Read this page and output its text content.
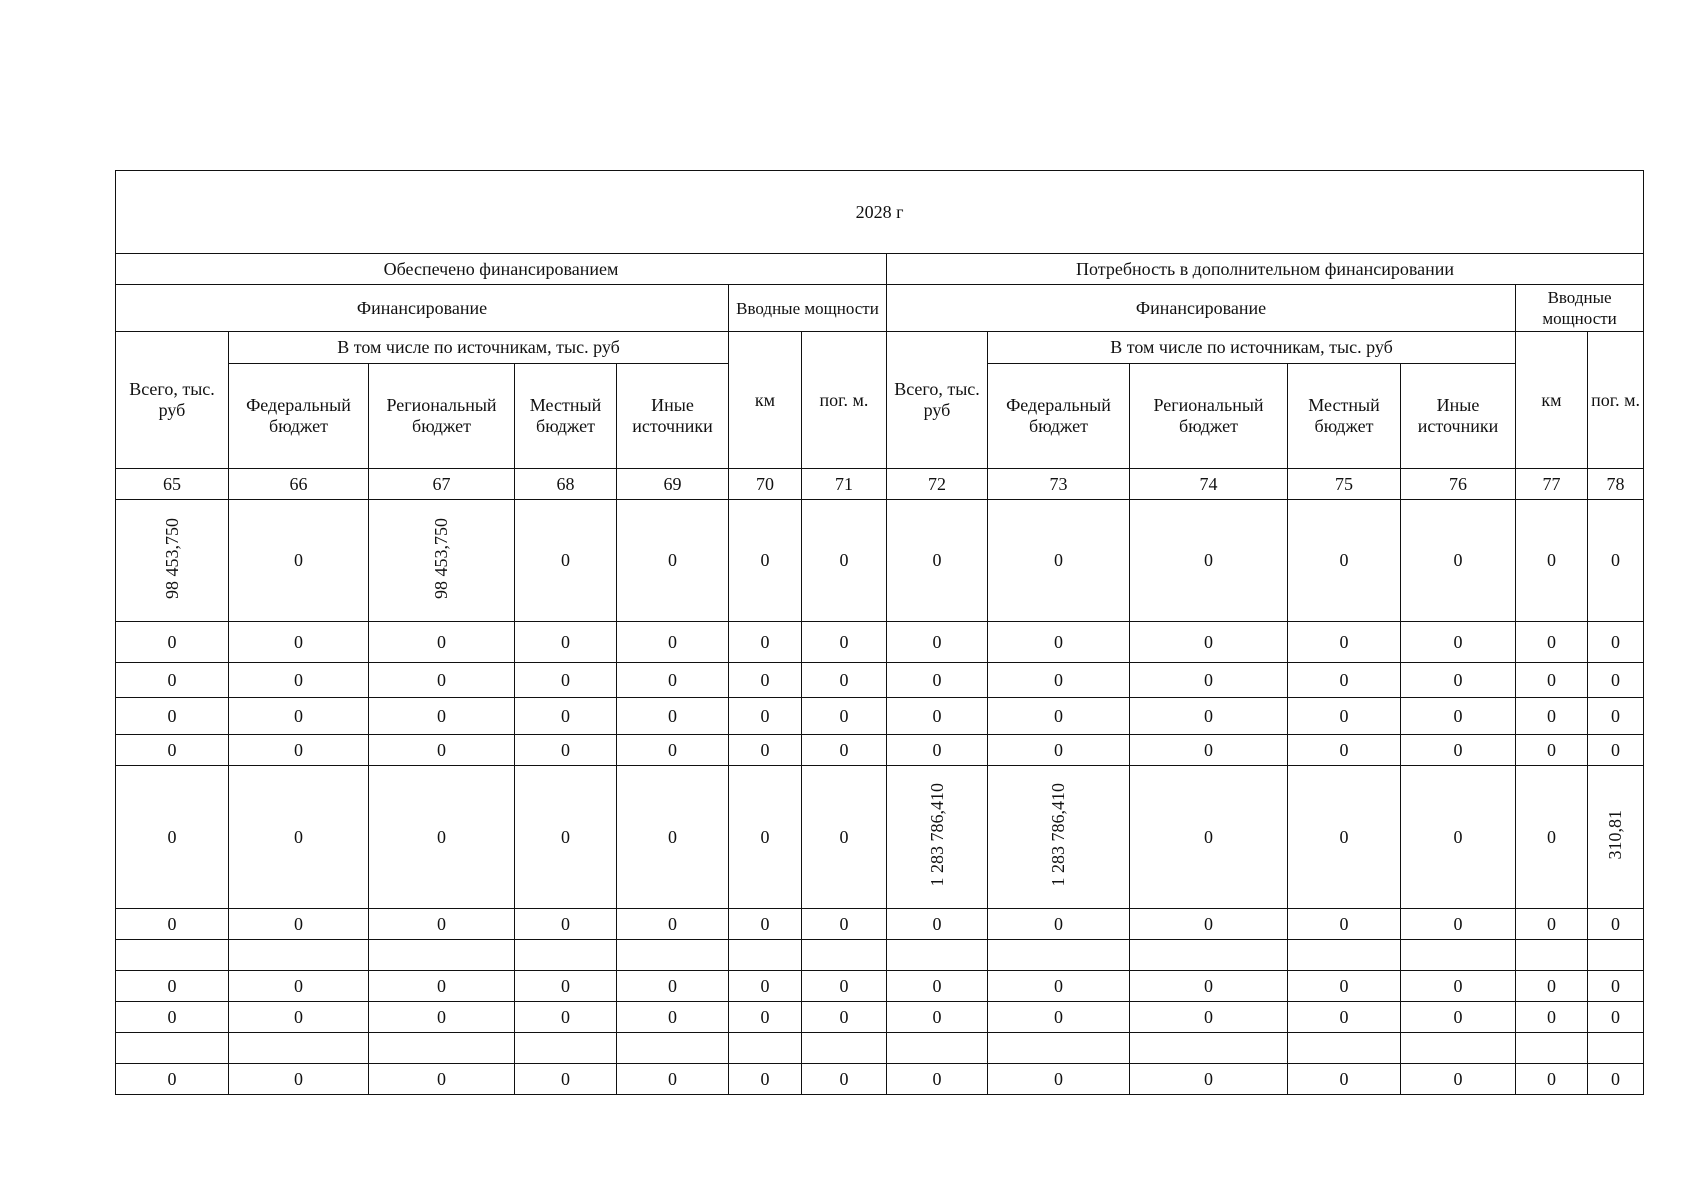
2028 г													
Обеспечено финансированием							Потребность в дополнительном финансировании						
Финансирование					Вводные мощности		Финансирование					Вводные мощности	
Всего, тыс. руб	В том числе по источникам, тыс. руб				км	пог. м.	Всего, тыс. руб	В том числе по источникам, тыс. руб				км	пог. м.
	Федеральный бюджет	Региональный бюджет	Местный бюджет	Иные источники				Федеральный бюджет	Региональный бюджет	Местный бюджет	Иные источники		
65	66	67	68	69	70	71	72	73	74	75	76	77	78
98 453,750	0	98 453,750	0	0	0	0	0	0	0	0	0	0	0
0	0	0	0	0	0	0	0	0	0	0	0	0	0
0	0	0	0	0	0	0	0	0	0	0	0	0	0
0	0	0	0	0	0	0	0	0	0	0	0	0	0
0	0	0	0	0	0	0	0	0	0	0	0	0	0
0	0	0	0	0	0	0	1 283 786,410	1 283 786,410	0	0	0	0	310,81
0	0	0	0	0	0	0	0	0	0	0	0	0	0

0	0	0	0	0	0	0	0	0	0	0	0	0	0
0	0	0	0	0	0	0	0	0	0	0	0	0	0

0	0	0	0	0	0	0	0	0	0	0	0	0	0
